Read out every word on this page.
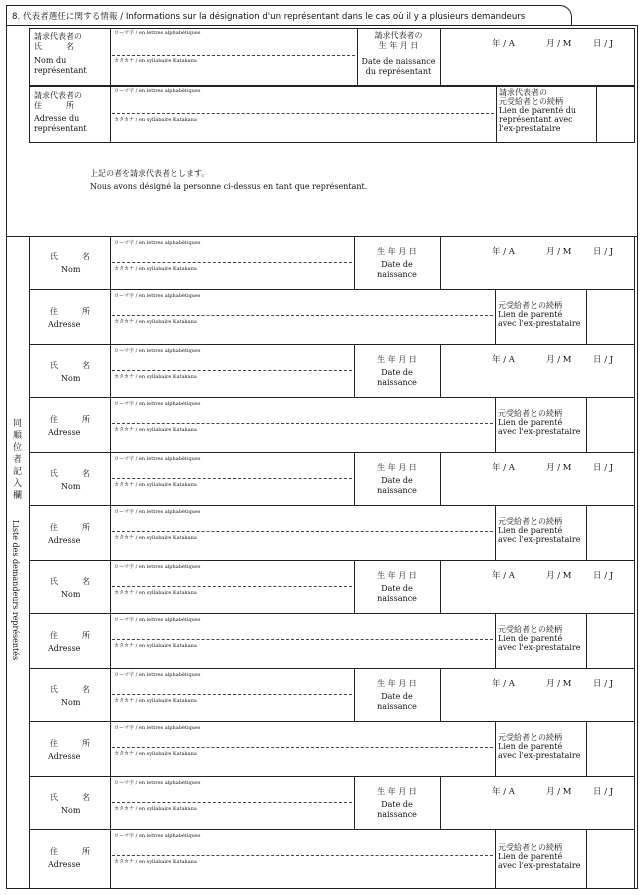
8. 代表者選任に関する情報 / Informations sur la désignation d'un représentant dans le cas où il y a plusieurs demandeurs
請求代表者の
氏　　　名
Nom du
représentant
ローマ字 / en lettres alphabétiques
カタカナ / en syllabaire Katakana
請求代表者の
生 年 月 日
Date de naissance
du représentant
年 / A	月 / M	日 / J
請求代表者の
住　　　所
Adresse du
représentant
ローマ字 / en lettres alphabétiques
カタカナ / en syllabaire Katakana
請求代表者の
元受給者との続柄
Lien de parenté du
représentant avec
l'ex-prestataire
上記の者を請求代表者とします。
Nous avons désigné la personne ci-dessus en tant que représentant.
同順位者記入欄
Liste des demandeurs représentés
氏　　　名
Nom
ローマ字 / en lettres alphabétiques
カタカナ / en syllabaire Katakana
生 年 月 日
Date de
naissance
年 / A	月 / M	日 / J
住　　　所
Adresse
ローマ字 / en lettres alphabétiques
カタカナ / en syllabaire Katakana
元受給者との続柄
Lien de parenté
avec l'ex-prestataire
氏　　　名
Nom
ローマ字 / en lettres alphabétiques
カタカナ / en syllabaire Katakana
生 年 月 日
Date de
naissance
年 / A	月 / M	日 / J
住　　　所
Adresse
ローマ字 / en lettres alphabétiques
カタカナ / en syllabaire Katakana
元受給者との続柄
Lien de parenté
avec l'ex-prestataire
氏　　　名
Nom
ローマ字 / en lettres alphabétiques
カタカナ / en syllabaire Katakana
生 年 月 日
Date de
naissance
年 / A	月 / M	日 / J
住　　　所
Adresse
ローマ字 / en lettres alphabétiques
カタカナ / en syllabaire Katakana
元受給者との続柄
Lien de parenté
avec l'ex-prestataire
氏　　　名
Nom
ローマ字 / en lettres alphabétiques
カタカナ / en syllabaire Katakana
生 年 月 日
Date de
naissance
年 / A	月 / M	日 / J
住　　　所
Adresse
ローマ字 / en lettres alphabétiques
カタカナ / en syllabaire Katakana
元受給者との続柄
Lien de parenté
avec l'ex-prestataire
氏　　　名
Nom
ローマ字 / en lettres alphabétiques
カタカナ / en syllabaire Katakana
生 年 月 日
Date de
naissance
年 / A	月 / M	日 / J
住　　　所
Adresse
ローマ字 / en lettres alphabétiques
カタカナ / en syllabaire Katakana
元受給者との続柄
Lien de parenté
avec l'ex-prestataire
氏　　　名
Nom
ローマ字 / en lettres alphabétiques
カタカナ / en syllabaire Katakana
生 年 月 日
Date de
naissance
年 / A	月 / M	日 / J
住　　　所
Adresse
ローマ字 / en lettres alphabétiques
カタカナ / en syllabaire Katakana
元受給者との続柄
Lien de parenté
avec l'ex-prestataire
